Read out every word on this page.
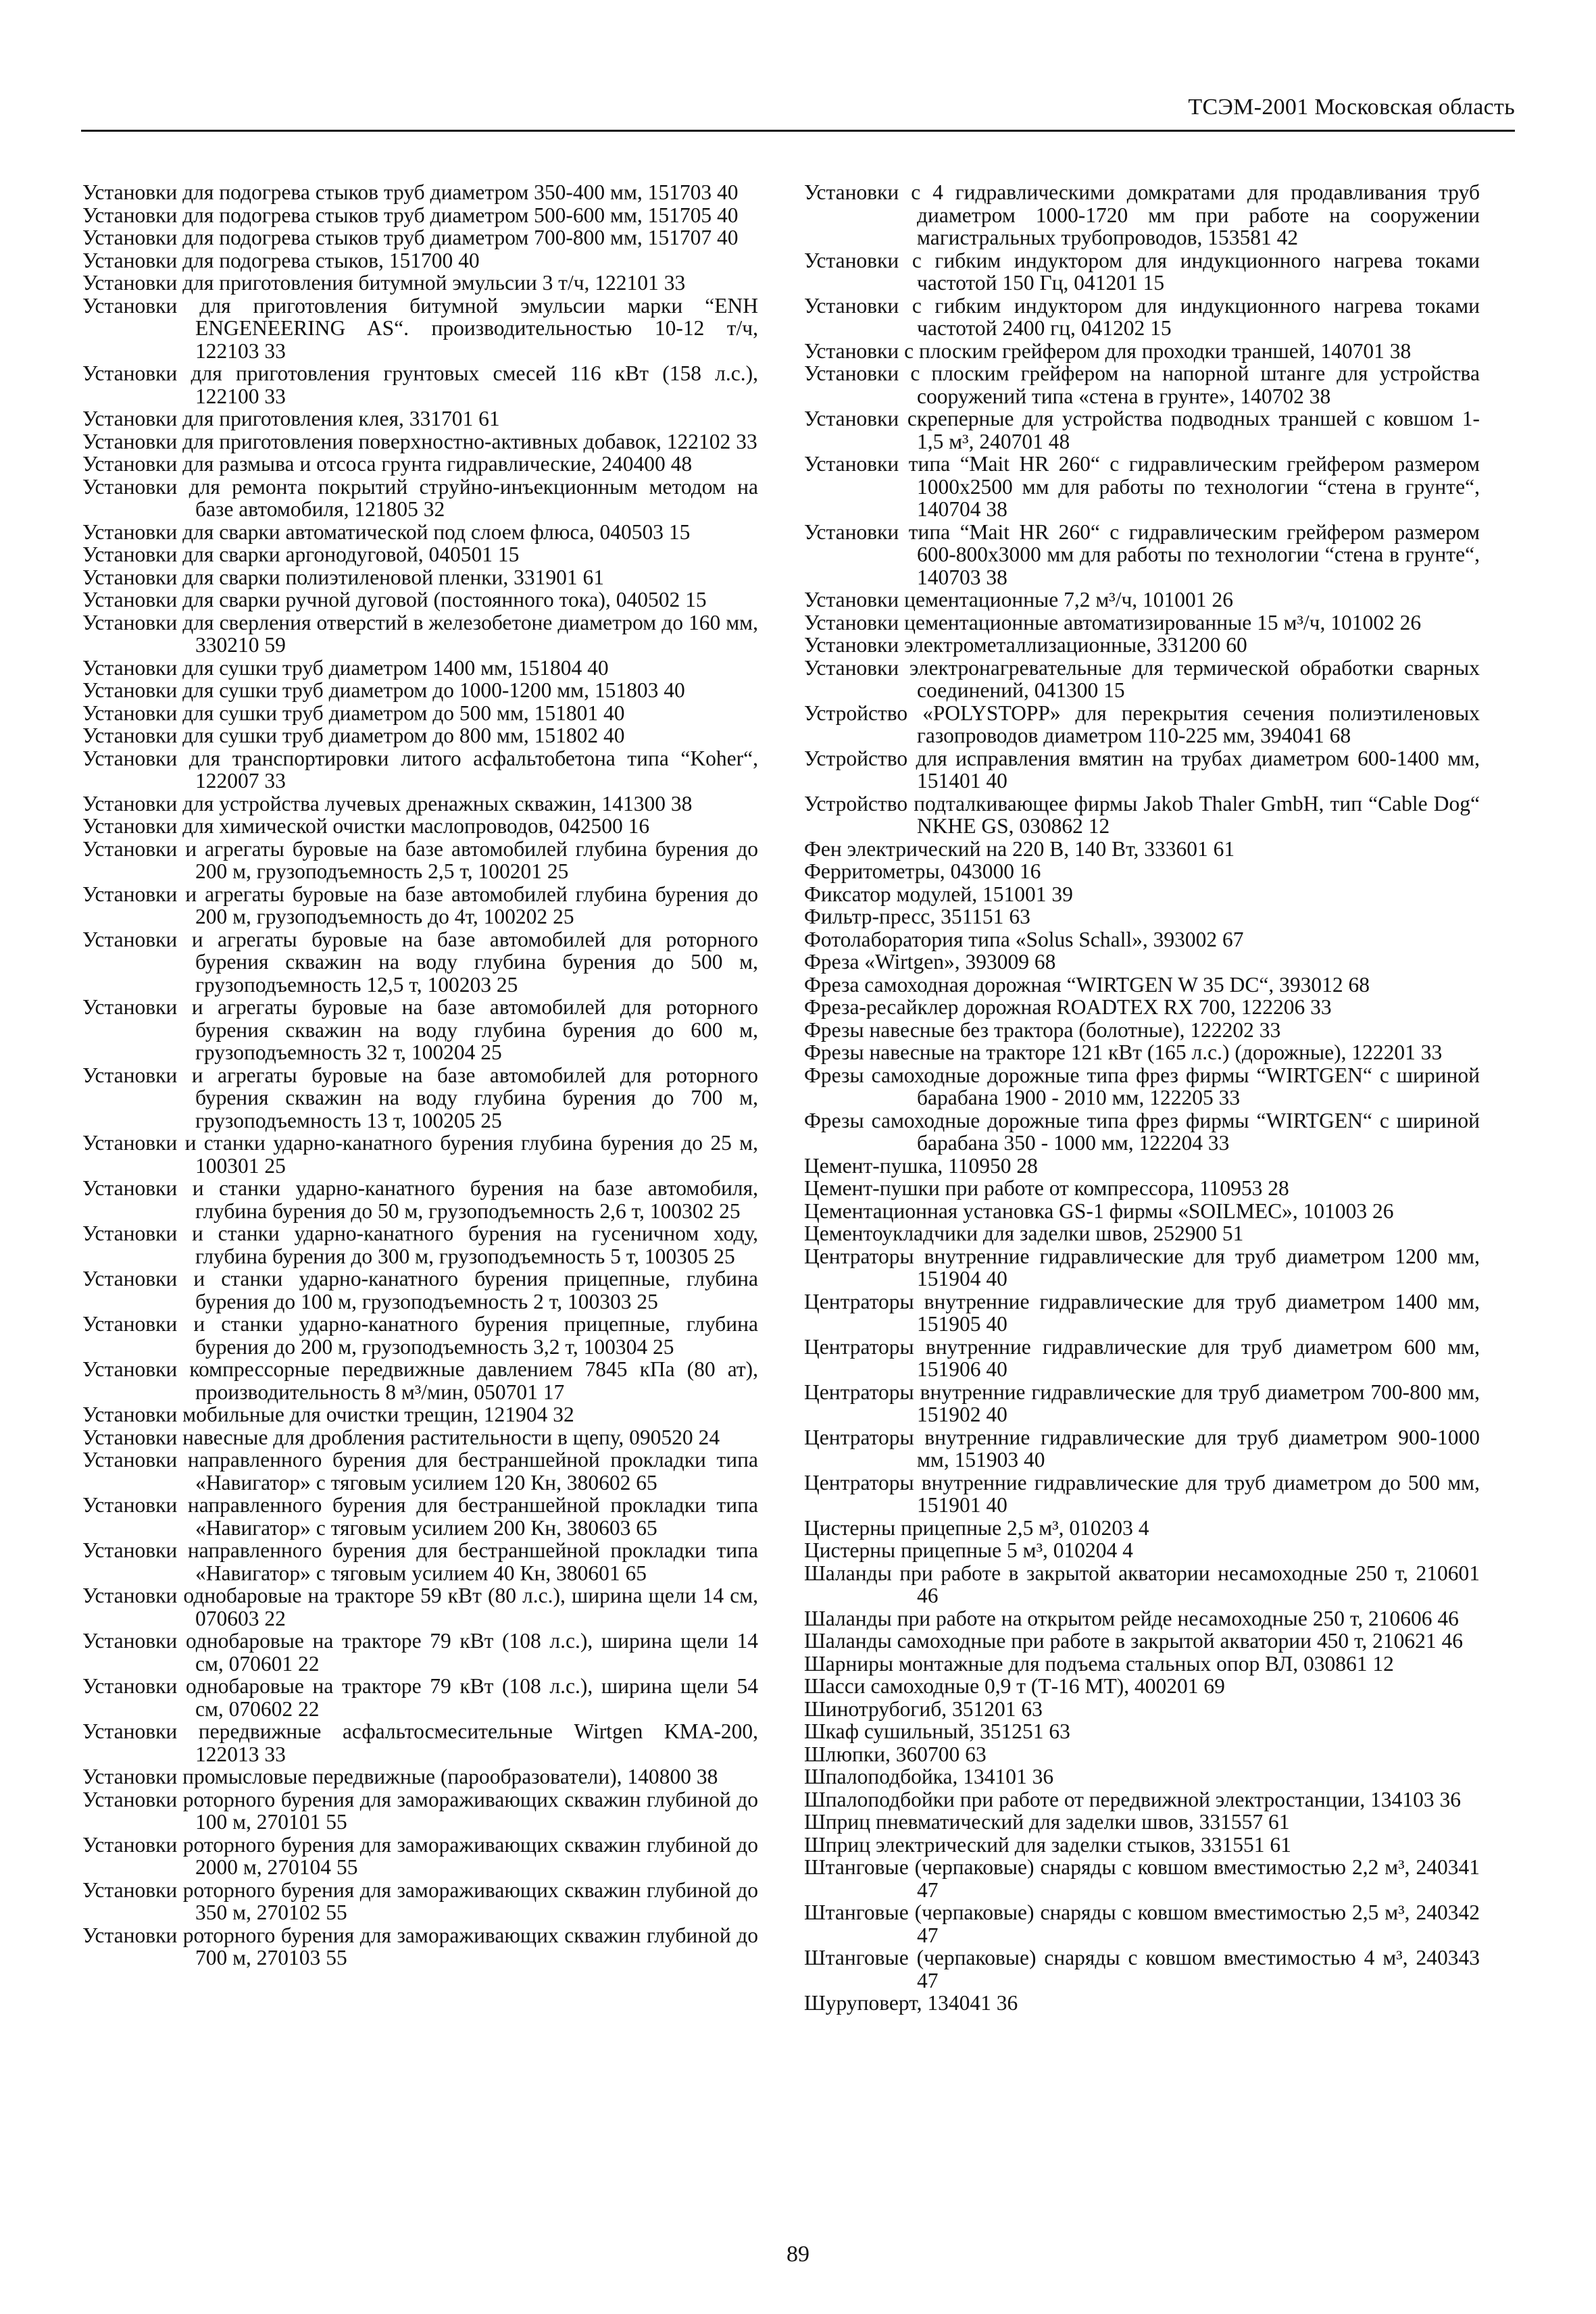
ТСЭМ-2001 Московская область
Установки для подогрева стыков труб диаметром 350-400 мм, 151703 40
Установки для подогрева стыков труб диаметром 500-600 мм, 151705 40
Установки для подогрева стыков труб диаметром 700-800 мм, 151707 40
Установки для подогрева стыков, 151700 40
Установки для приготовления битумной эмульсии 3 т/ч, 122101 33
Установки для приготовления битумной эмульсии марки “ENH ENGENEERING AS“. производительностью 10-12 т/ч, 122103 33
Установки для приготовления грунтовых смесей 116 кВт (158 л.с.), 122100 33
Установки для приготовления клея, 331701 61
Установки для приготовления поверхностно-активных добавок, 122102 33
Установки для размыва и отсоса грунта гидравлические, 240400 48
Установки для ремонта покрытий струйно-инъекционным методом на базе автомобиля, 121805 32
Установки для сварки автоматической под слоем флюса, 040503 15
Установки для сварки аргонодуговой, 040501 15
Установки для сварки полиэтиленовой пленки, 331901 61
Установки для сварки ручной дуговой (постоянного тока), 040502 15
Установки для сверления отверстий в железобетоне диаметром до 160 мм, 330210 59
Установки для сушки труб диаметром 1400 мм, 151804 40
Установки для сушки труб диаметром до 1000-1200 мм, 151803 40
Установки для сушки труб диаметром до 500 мм, 151801 40
Установки для сушки труб диаметром до 800 мм, 151802 40
Установки для транспортировки литого асфальтобетона типа “Koher“, 122007 33
Установки для устройства лучевых дренажных скважин, 141300 38
Установки для химической очистки маслопроводов, 042500 16
Установки и агрегаты буровые на базе автомобилей глубина бурения до 200 м, грузоподъемность 2,5 т, 100201 25
Установки и агрегаты буровые на базе автомобилей глубина бурения до 200 м, грузоподъемность до 4т, 100202 25
Установки и агрегаты буровые на базе автомобилей для роторного бурения скважин на воду глубина бурения до 500 м, грузоподъемность 12,5 т, 100203 25
Установки и агрегаты буровые на базе автомобилей для роторного бурения скважин на воду глубина бурения до 600 м, грузоподъемность 32 т, 100204 25
Установки и агрегаты буровые на базе автомобилей для роторного бурения скважин на воду глубина бурения до 700 м, грузоподъемность 13 т, 100205 25
Установки и станки ударно-канатного бурения глубина бурения до 25 м, 100301 25
Установки и станки ударно-канатного бурения на базе автомобиля, глубина бурения до 50 м, грузоподъемность 2,6 т, 100302 25
Установки и станки ударно-канатного бурения на гусеничном ходу, глубина бурения до 300 м, грузоподъемность 5 т, 100305 25
Установки и станки ударно-канатного бурения прицепные, глубина бурения до 100 м, грузоподъемность 2 т, 100303 25
Установки и станки ударно-канатного бурения прицепные, глубина бурения до 200 м, грузоподъемность 3,2 т, 100304 25
Установки компрессорные передвижные давлением 7845 кПа (80 ат), производительность 8 м³/мин, 050701 17
Установки мобильные для очистки трещин, 121904 32
Установки навесные для дробления растительности в щепу, 090520 24
Установки направленного бурения для бестраншейной прокладки типа «Навигатор» с тяговым усилием 120 Кн, 380602 65
Установки направленного бурения для бестраншейной прокладки типа «Навигатор» с тяговым усилием 200 Кн, 380603 65
Установки направленного бурения для бестраншейной прокладки типа «Навигатор» с тяговым усилием 40 Кн, 380601 65
Установки однобаровые на тракторе 59 кВт (80 л.с.), ширина щели 14 см, 070603 22
Установки однобаровые на тракторе 79 кВт (108 л.с.), ширина щели 14 см, 070601 22
Установки однобаровые на тракторе 79 кВт (108 л.с.), ширина щели 54 см, 070602 22
Установки передвижные асфальтосмесительные Wirtgen KMA-200, 122013 33
Установки промысловые передвижные (парообразователи), 140800 38
Установки роторного бурения для замораживающих скважин глубиной до 100 м, 270101 55
Установки роторного бурения для замораживающих скважин глубиной до 2000 м, 270104 55
Установки роторного бурения для замораживающих скважин глубиной до 350 м, 270102 55
Установки роторного бурения для замораживающих скважин глубиной до 700 м, 270103 55
Установки с 4 гидравлическими домкратами для продавливания труб диаметром 1000-1720 мм при работе на сооружении магистральных трубопроводов, 153581 42
Установки с гибким индуктором для индукционного нагрева токами частотой 150 Гц, 041201 15
Установки с гибким индуктором для индукционного нагрева токами частотой 2400 гц, 041202 15
Установки с плоским грейфером для проходки траншей, 140701 38
Установки с плоским грейфером на напорной штанге для устройства сооружений типа «стена в грунте», 140702 38
Установки скреперные для устройства подводных траншей с ковшом 1-1,5 м³, 240701 48
Установки типа “Mait HR 260“ с гидравлическим грейфером размером 1000х2500 мм для работы по технологии “стена в грунте“, 140704 38
Установки типа “Mait HR 260“ с гидравлическим грейфером размером 600-800х3000 мм для работы по технологии “стена в грунте“, 140703 38
Установки цементационные 7,2 м³/ч, 101001 26
Установки цементационные автоматизированные 15 м³/ч, 101002 26
Установки электрометаллизационные, 331200 60
Установки электронагревательные для термической обработки сварных соединений, 041300 15
Устройство «POLYSTOPP» для перекрытия сечения полиэтиленовых газопроводов диаметром 110-225 мм, 394041 68
Устройство для исправления вмятин на трубах диаметром 600-1400 мм, 151401 40
Устройство подталкивающее фирмы Jakob Thaler GmbH, тип “Cable Dog“ NKHE GS, 030862 12
Фен электрический на 220 В, 140 Вт, 333601 61
Ферритометры, 043000 16
Фиксатор модулей, 151001 39
Фильтр-пресс, 351151 63
Фотолаборатория типа «Solus Schall», 393002 67
Фреза «Wirtgen», 393009 68
Фреза самоходная дорожная “WIRTGEN W 35 DC“, 393012 68
Фреза-ресайклер дорожная ROADTEX RX 700, 122206 33
Фрезы навесные без трактора (болотные), 122202 33
Фрезы навесные на тракторе 121 кВт (165 л.с.) (дорожные), 122201 33
Фрезы самоходные дорожные типа фрез фирмы “WIRTGEN“ с шириной барабана 1900 - 2010 мм, 122205 33
Фрезы самоходные дорожные типа фрез фирмы “WIRTGEN“ с шириной барабана 350 - 1000 мм, 122204 33
Цемент-пушка, 110950 28
Цемент-пушки при работе от компрессора, 110953 28
Цементационная установка GS-1 фирмы «SOILMEC», 101003 26
Цементоукладчики для заделки швов, 252900 51
Центраторы внутренние гидравлические для труб диаметром 1200 мм, 151904 40
Центраторы внутренние гидравлические для труб диаметром 1400 мм, 151905 40
Центраторы внутренние гидравлические для труб диаметром 600 мм, 151906 40
Центраторы внутренние гидравлические для труб диаметром 700-800 мм, 151902 40
Центраторы внутренние гидравлические для труб диаметром 900-1000 мм, 151903 40
Центраторы внутренние гидравлические для труб диаметром до 500 мм, 151901 40
Цистерны прицепные 2,5 м³, 010203 4
Цистерны прицепные 5 м³, 010204 4
Шаланды при работе в закрытой акватории несамоходные 250 т, 210601 46
Шаланды при работе на открытом рейде несамоходные 250 т, 210606 46
Шаланды самоходные при работе в закрытой акватории 450 т, 210621 46
Шарниры монтажные для подъема стальных опор ВЛ, 030861 12
Шасси самоходные 0,9 т (Т-16 МТ), 400201 69
Шинотрубогиб, 351201 63
Шкаф сушильный, 351251 63
Шлюпки, 360700 63
Шпалоподбойка, 134101 36
Шпалоподбойки при работе от передвижной электростанции, 134103 36
Шприц пневматический для заделки швов, 331557 61
Шприц электрический для заделки стыков, 331551 61
Штанговые (черпаковые) снаряды с ковшом вместимостью 2,2 м³, 240341 47
Штанговые (черпаковые) снаряды с ковшом вместимостью 2,5 м³, 240342 47
Штанговые (черпаковые) снаряды с ковшом вместимостью 4 м³, 240343 47
Шуруповерт, 134041 36
89
